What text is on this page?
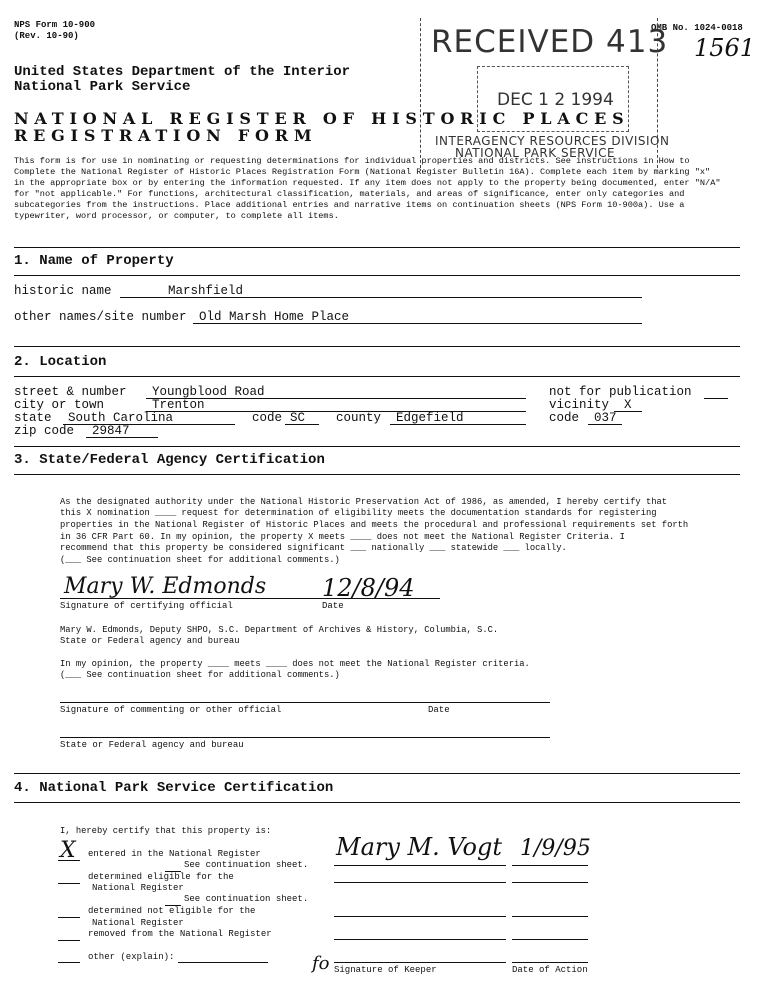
NPS Form 10-900
(Rev. 10-90)
OMB No. 1024-0018
1561
United States Department of the Interior
National Park Service
NATIONAL REGISTER OF HISTORIC PLACES
REGISTRATION FORM
This form is for use in nominating or requesting determinations for individual properties and districts. See instructions in How to
Complete the National Register of Historic Places Registration Form (National Register Bulletin 16A). Complete each item by marking "x"
in the appropriate box or by entering the information requested. If any item does not apply to the property being documented, enter "N/A"
for "not applicable." For functions, architectural classification, materials, and areas of significance, enter only categories and
subcategories from the instructions. Place additional entries and narrative items on continuation sheets (NPS Form 10-900a). Use a
typewriter, word processor, or computer, to complete all items.
RECEIVED 413
DEC 1 2 1994
INTERAGENCY RESOURCES DIVISION
NATIONAL PARK SERVICE
1. Name of Property
historic name	Marshfield
other names/site number Old Marsh Home Place
2. Location
street & number Youngblood Road	not for publication
city or town	Trenton	vicinity X
state South Carolina	code SC county Edgefield	code 037
zip code 29847
3. State/Federal Agency Certification
As the designated authority under the National Historic Preservation Act of 1986, as amended, I hereby certify that
this X nomination ____ request for determination of eligibility meets the documentation standards for registering
properties in the National Register of Historic Places and meets the procedural and professional requirements set forth
in 36 CFR Part 60. In my opinion, the property X meets ____ does not meet the National Register Criteria. I
recommend that this property be considered significant ___ nationally ___ statewide ___ locally.
(___ See continuation sheet for additional comments.)
Mary W. Edmonds 12/8/94
Signature of certifying official	Date
Mary W. Edmonds, Deputy SHPO, S.C. Department of Archives & History, Columbia, S.C.
State or Federal agency and bureau
In my opinion, the property ____ meets ____ does not meet the National Register criteria.
(___ See continuation sheet for additional comments.)
Signature of commenting or other official	Date
State or Federal agency and bureau
4. National Park Service Certification
I, hereby certify that this property is:
X entered in the National Register
See continuation sheet.
determined eligible for the
National Register
See continuation sheet.
determined not eligible for the
National Register
removed from the National Register
other (explain):
Mary M. Vogt 1/9/95
fo Signature of Keeper	Date of Action
